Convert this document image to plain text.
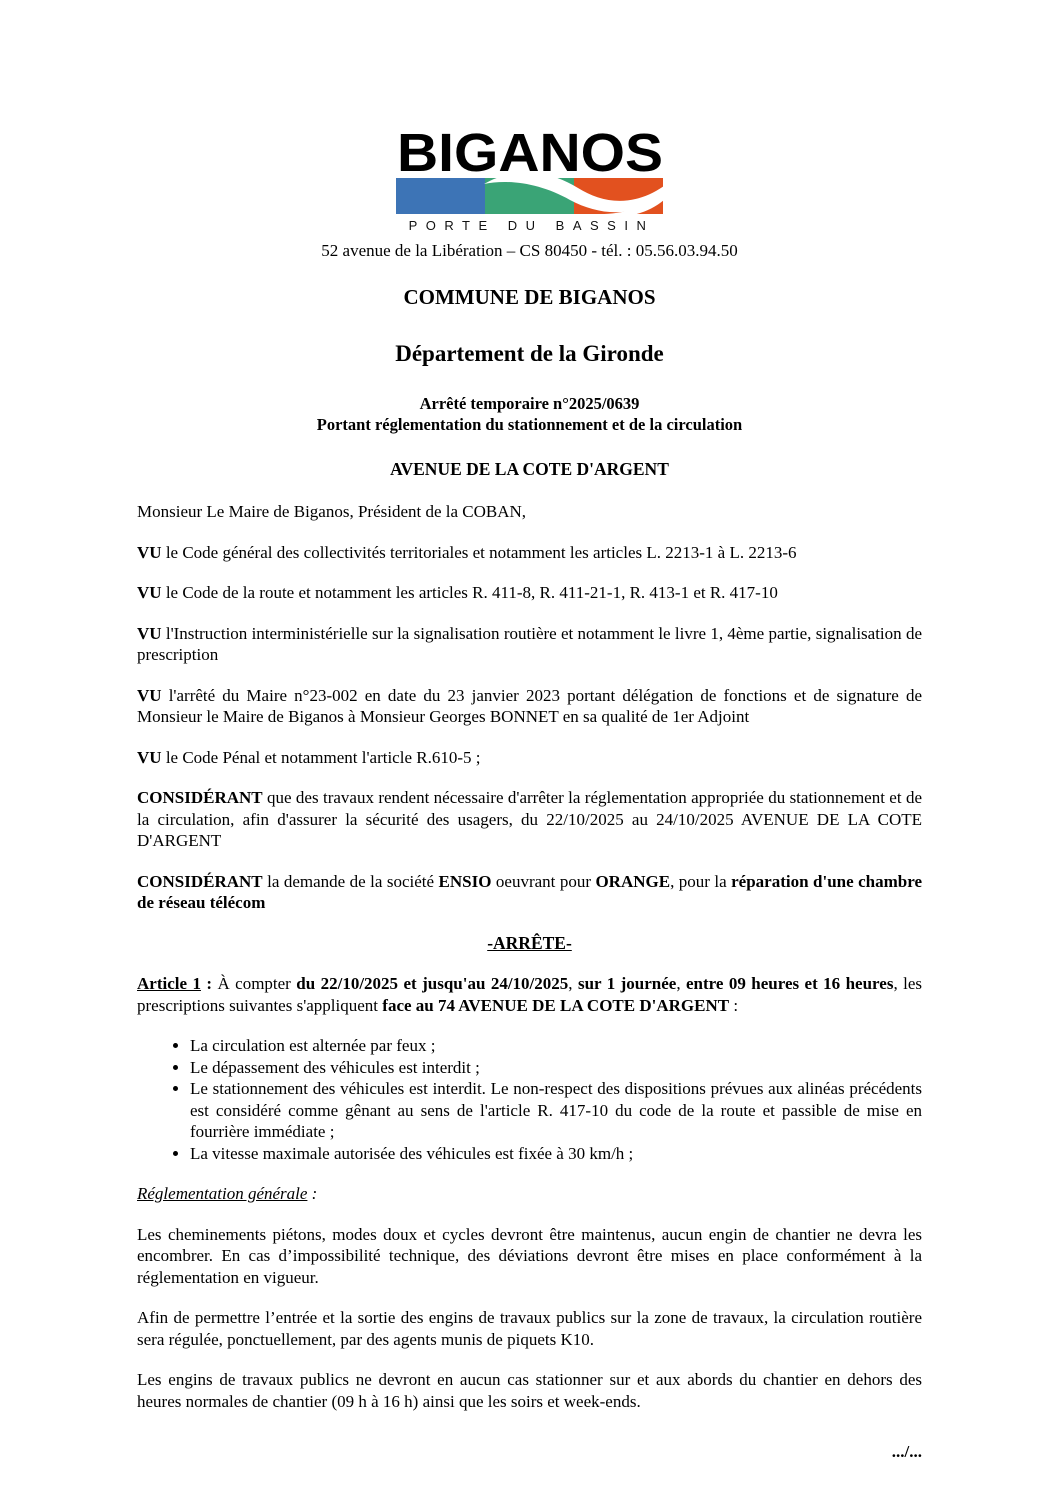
BIGANOS
PORTE DU BASSIN
52 avenue de la Libération – CS 80450 - tél. : 05.56.03.94.50
COMMUNE DE BIGANOS
Département de la Gironde
Arrêté temporaire n°2025/0639
Portant réglementation du stationnement et de la circulation
AVENUE DE LA COTE D'ARGENT

Monsieur Le Maire de Biganos, Président de la COBAN,

VU le Code général des collectivités territoriales et notamment les articles L. 2213-1 à L. 2213-6

VU le Code de la route et notamment les articles R. 411-8, R. 411-21-1, R. 413-1 et R. 417-10

VU l'Instruction interministérielle sur la signalisation routière et notamment le livre 1, 4ème partie, signalisation de prescription

VU l'arrêté du Maire n°23-002 en date du 23 janvier 2023 portant délégation de fonctions et de signature de Monsieur le Maire de Biganos à Monsieur Georges BONNET en sa qualité de 1er Adjoint

VU le Code Pénal et notamment l'article R.610-5 ;

CONSIDÉRANT que des travaux rendent nécessaire d'arrêter la réglementation appropriée du stationnement et de la circulation, afin d'assurer la sécurité des usagers, du 22/10/2025 au 24/10/2025 AVENUE DE LA COTE D'ARGENT

CONSIDÉRANT la demande de la société ENSIO oeuvrant pour ORANGE, pour la réparation d'une chambre de réseau télécom

-ARRÊTE-

Article 1 : À compter du 22/10/2025 et jusqu'au 24/10/2025, sur 1 journée, entre 09 heures et 16 heures, les prescriptions suivantes s'appliquent face au 74 AVENUE DE LA COTE D'ARGENT :

• La circulation est alternée par feux ;
• Le dépassement des véhicules est interdit ;
• Le stationnement des véhicules est interdit. Le non-respect des dispositions prévues aux alinéas précédents est considéré comme gênant au sens de l'article R. 417-10 du code de la route et passible de mise en fourrière immédiate ;
• La vitesse maximale autorisée des véhicules est fixée à 30 km/h ;

Réglementation générale :

Les cheminements piétons, modes doux et cycles devront être maintenus, aucun engin de chantier ne devra les encombrer. En cas d’impossibilité technique, des déviations devront être mises en place conformément à la réglementation en vigueur.

Afin de permettre l’entrée et la sortie des engins de travaux publics sur la zone de travaux, la circulation routière sera régulée, ponctuellement, par des agents munis de piquets K10.

Les engins de travaux publics ne devront en aucun cas stationner sur et aux abords du chantier en dehors des heures normales de chantier (09 h à 16 h) ainsi que les soirs et week-ends.

.../...
